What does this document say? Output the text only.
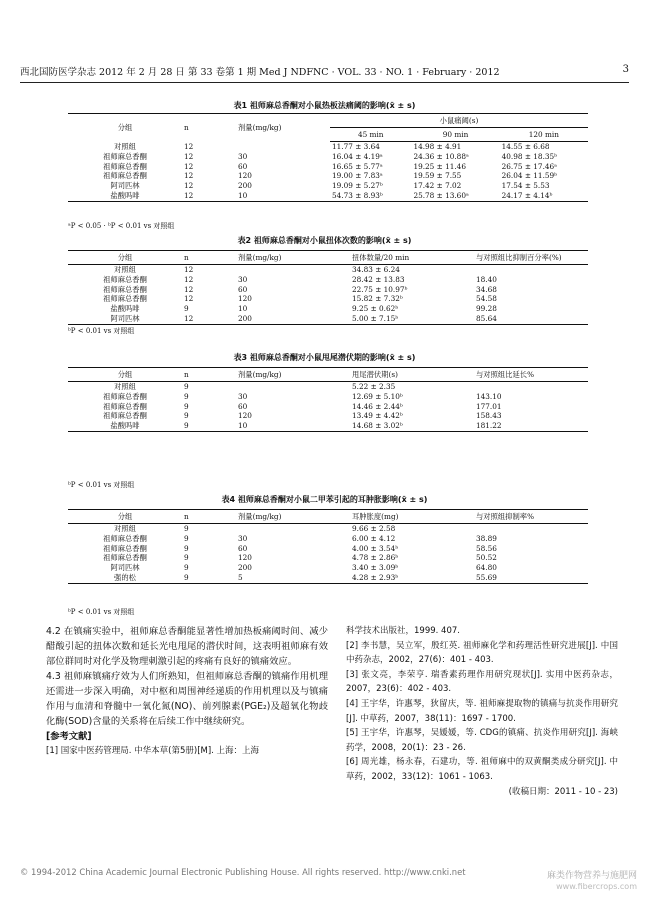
西北国防医学杂志 2012 年 2 月 28 日 第 33 卷第 1 期 Med J NDFNC · VOL. 33 · NO. 1 · February · 2012	3
表1 祖师麻总香酮对小鼠热板法痛阈的影响(x̄ ± s)
分组	n	剂量(mg/kg)	小鼠痛阈(s)		
			45 min	90 min	120 min
对照组	12		11.77 ± 3.64	14.98 ± 4.91	14.55 ± 6.68
祖师麻总香酮	12	30	16.04 ± 4.19ᵃ	24.36 ± 10.88ᵃ	40.98 ± 18.35ᵇ
祖师麻总香酮	12	60	16.65 ± 5.77ᵃ	19.25 ± 11.46	26.75 ± 17.46ᵃ
祖师麻总香酮	12	120	19.00 ± 7.83ᵃ	19.59 ± 7.55	26.04 ± 11.59ᵇ
阿司匹林	12	200	19.09 ± 5.27ᵇ	17.42 ± 7.02	17.54 ± 5.53
盐酸吗啡	12	10	54.73 ± 8.93ᵇ	25.78 ± 13.60ᵃ	24.17 ± 4.14ᵇ
ᵃP < 0.05 · ᵇP < 0.01 vs 对照组
表2 祖师麻总香酮对小鼠扭体次数的影响(x̄ ± s)
分组	n	剂量(mg/kg)	扭体数量/20 min	与对照组比抑制百分率(%)
对照组	12		34.83 ± 6.24	
祖师麻总香酮	12	30	28.42 ± 13.83	18.40
祖师麻总香酮	12	60	22.75 ± 10.97ᵇ	34.68
祖师麻总香酮	12	120	15.82 ± 7.32ᵇ	54.58
盐酸吗啡	9	10	9.25 ± 0.62ᵇ	99.28
阿司匹林	12	200	5.00 ± 7.15ᵇ	85.64
ᵇP < 0.01 vs 对照组
表3 祖师麻总香酮对小鼠甩尾潜伏期的影响(x̄ ± s)
分组	n	剂量(mg/kg)	甩尾潜伏期(s)	与对照组比延长%
对照组	9		5.22 ± 2.35	
祖师麻总香酮	9	30	12.69 ± 5.10ᵇ	143.10
祖师麻总香酮	9	60	14.46 ± 2.44ᵇ	177.01
祖师麻总香酮	9	120	13.49 ± 4.42ᵇ	158.43
盐酸吗啡	9	10	14.68 ± 3.02ᵇ	181.22
ᵇP < 0.01 vs 对照组
表4 祖师麻总香酮对小鼠二甲苯引起的耳肿胀影响(x̄ ± s)
分组	n	剂量(mg/kg)	耳肿胀度(mg)	与对照组抑制率%
对照组	9		9.66 ± 2.58	
祖师麻总香酮	9	30	6.00 ± 4.12	38.89
祖师麻总香酮	9	60	4.00 ± 3.54ᵇ	58.56
祖师麻总香酮	9	120	4.78 ± 2.86ᵇ	50.52
阿司匹林	9	200	3.40 ± 3.09ᵇ	64.80
强的松	9	5	4.28 ± 2.93ᵇ	55.69
ᵇP < 0.01 vs 对照组

4.2 在镇痛实验中，祖师麻总香酮能显著性增加热板痛阈时间、减少醋酸引起的扭体次数和延长光电甩尾的潜伏时间，这表明祖师麻有效部位群同时对化学及物理刺激引起的疼痛有良好的镇痛效应。

4.3 祖师麻镇痛疗效为人们所熟知，但祖师麻总香酮的镇痛作用机理还需进一步深入明确，对中枢和周围神经递质的作用机理以及与镇痛作用与血清和脊髓中一氧化氮(NO)、前列腺素(PGE₂)及超氧化物歧化酶(SOD)含量的关系将在后续工作中继续研究。

[参考文献]

[1] 国家中医药管理局. 中华本草(第5册)[M]. 上海：上海

科学技术出版社，1999. 407.

[2] 李书慧，吴立军，殷红英. 祖师麻化学和药理活性研究进展[J]. 中国中药杂志，2002，27(6)：401 - 403.

[3] 张文亮，李荣亨. 瑞香素药理作用研究现状[J]. 实用中医药杂志，2007，23(6)：402 - 403.

[4] 王宇华，许惠琴，狄留庆，等. 祖师麻提取物的镇痛与抗炎作用研究[J]. 中草药，2007，38(11)：1697 - 1700.

[5] 王宇华，许惠琴，吴媛媛，等. CDG的镇痛、抗炎作用研究[J]. 海峡药学，2008，20(1)：23 - 26.

[6] 周光雄，杨永春，石建功，等. 祖师麻中的双黄酮类成分研究[J]. 中草药，2002，33(12)：1061 - 1063.

(收稿日期：2011 - 10 - 23)

© 1994-2012 China Academic Journal Electronic Publishing House. All rights reserved. http://www.cnki.net	麻类作物营养与施肥网
www.fibercrops.com
